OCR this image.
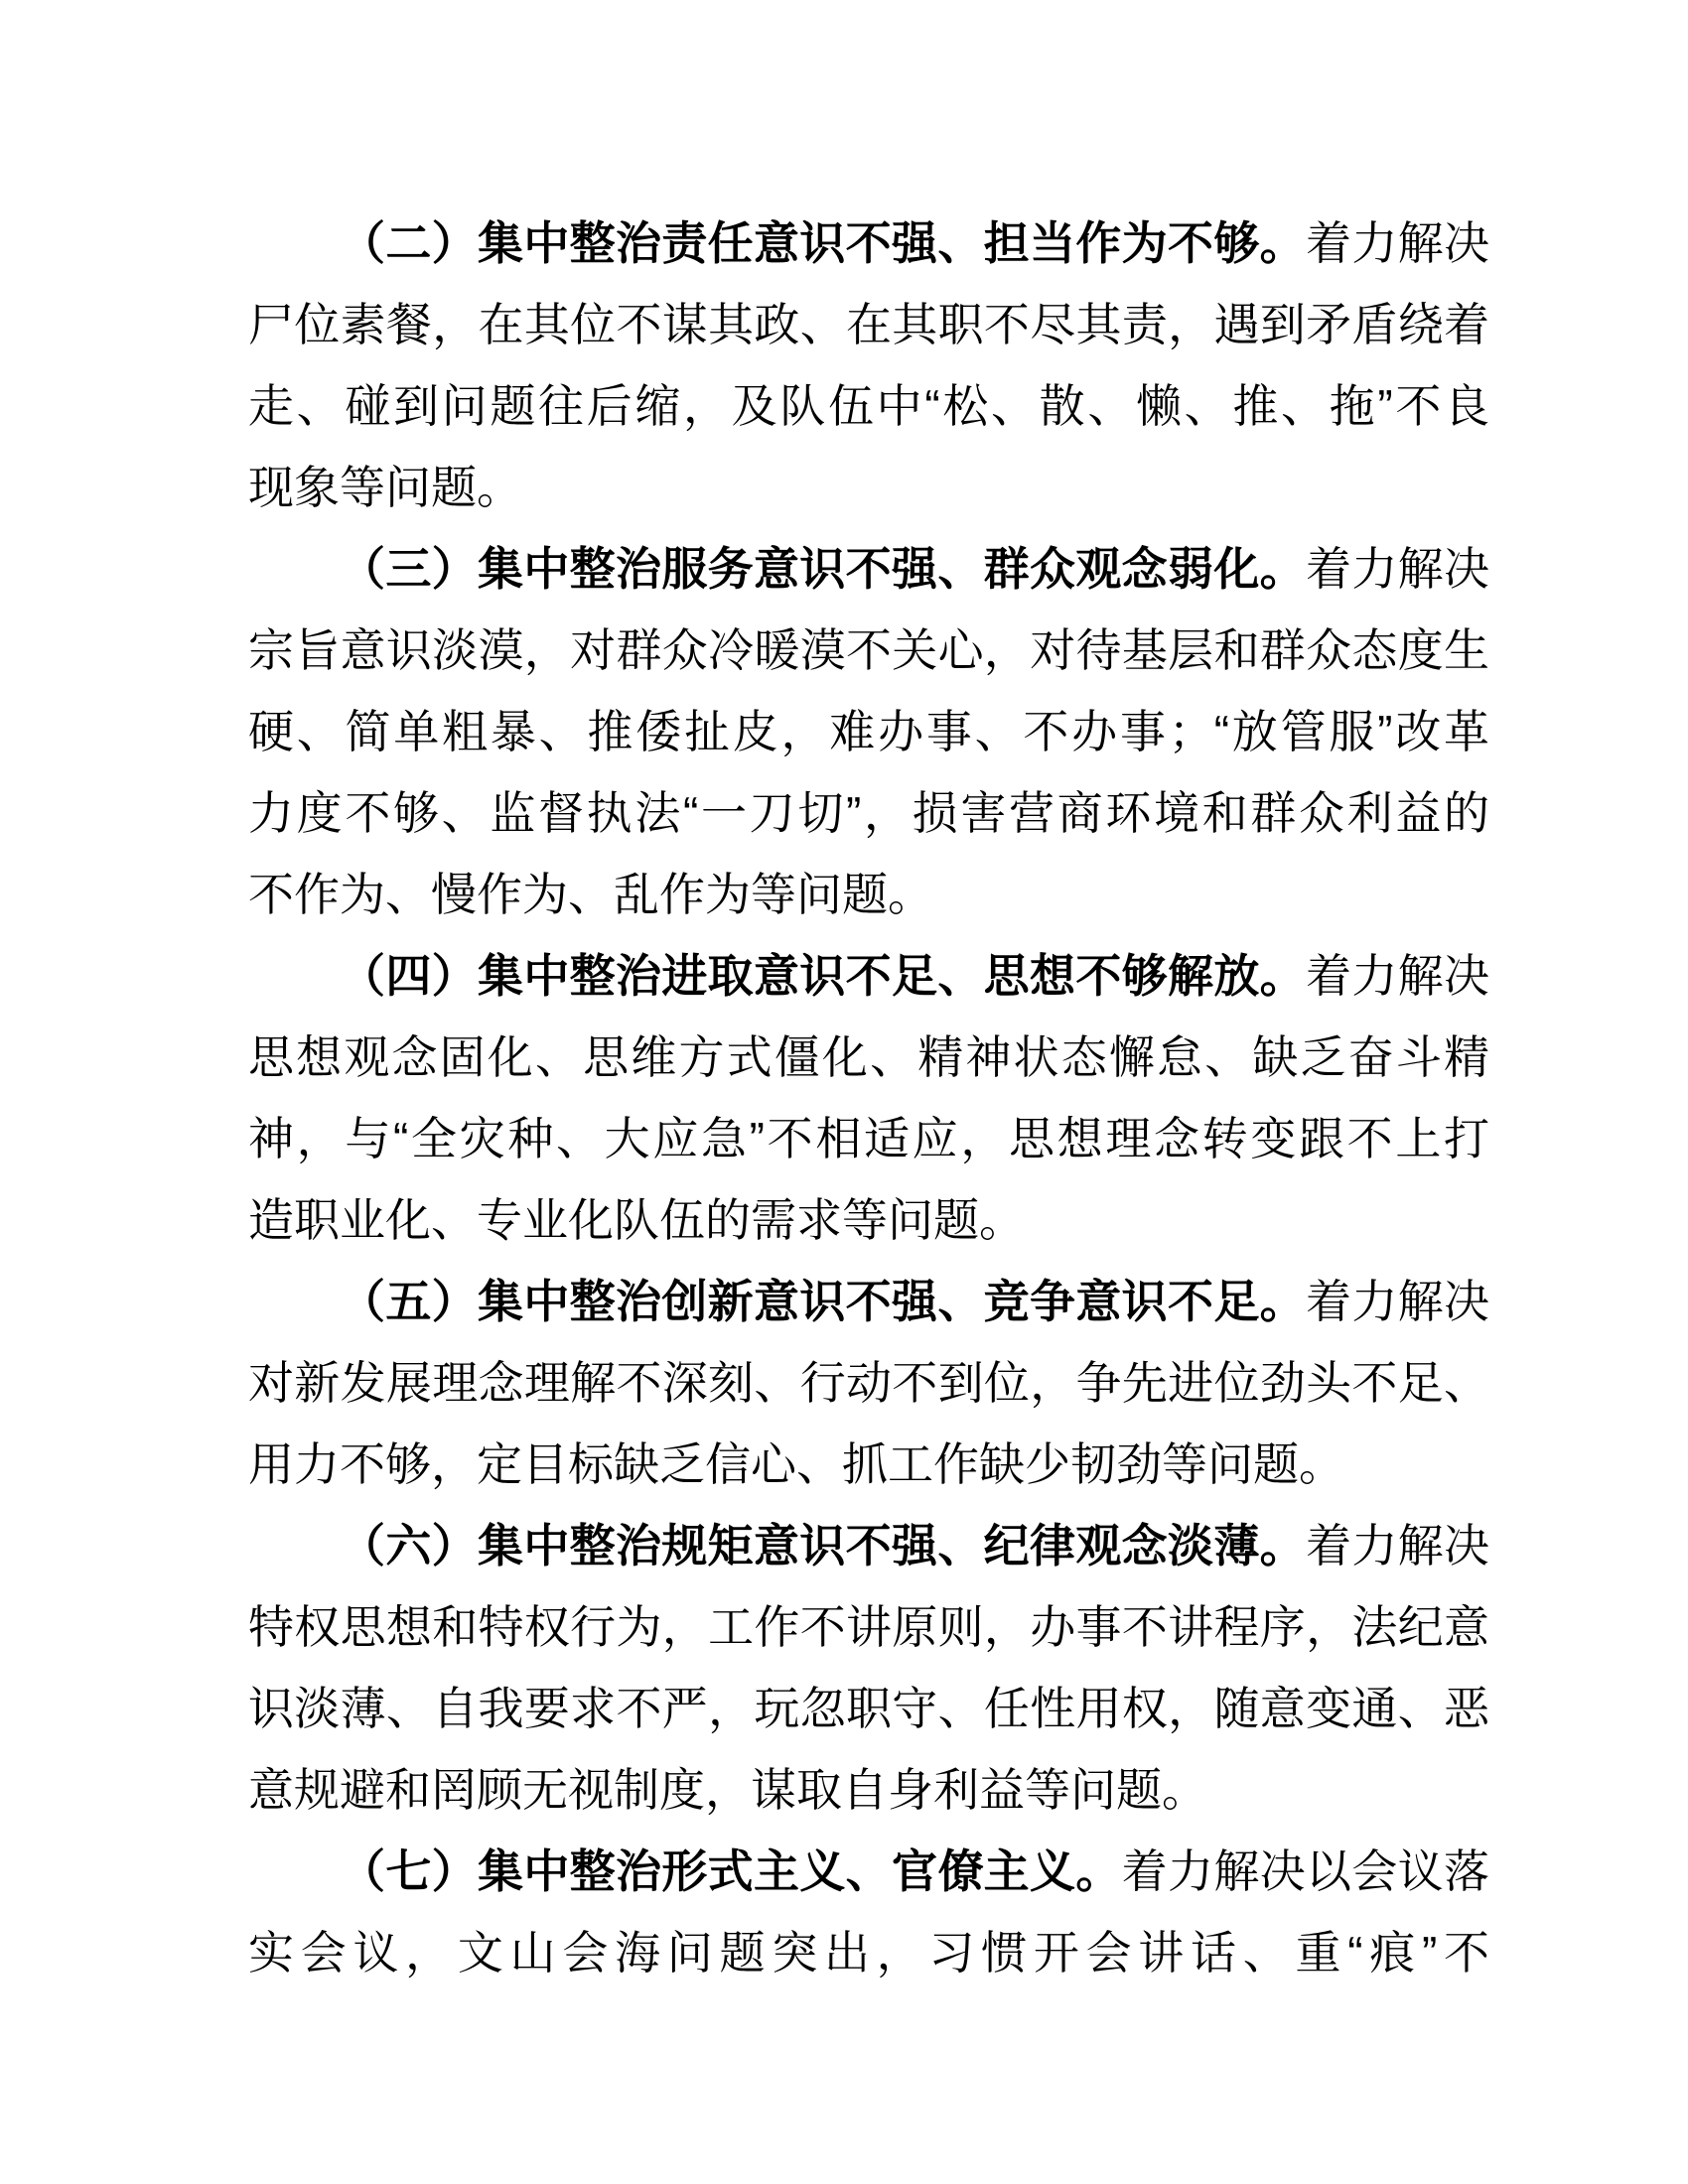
（二）集中整治责任意识不强、担当作为不够。着力解决
尸位素餐，在其位不谋其政、在其职不尽其责，遇到矛盾绕着
走、碰到问题往后缩，及队伍中“松、散、懒、推、拖”不良
现象等问题。
（三）集中整治服务意识不强、群众观念弱化。着力解决
宗旨意识淡漠，对群众冷暖漠不关心，对待基层和群众态度生
硬、简单粗暴、推倭扯皮，难办事、不办事；“放管服”改革
力度不够、监督执法“一刀切”，损害营商环境和群众利益的
不作为、慢作为、乱作为等问题。
（四）集中整治进取意识不足、思想不够解放。着力解决
思想观念固化、思维方式僵化、精神状态懈怠、缺乏奋斗精
神，与“全灾种、大应急”不相适应，思想理念转变跟不上打
造职业化、专业化队伍的需求等问题。
（五）集中整治创新意识不强、竞争意识不足。着力解决
对新发展理念理解不深刻、行动不到位，争先进位劲头不足、
用力不够，定目标缺乏信心、抓工作缺少韧劲等问题。
（六）集中整治规矩意识不强、纪律观念淡薄。着力解决
特权思想和特权行为，工作不讲原则，办事不讲程序，法纪意
识淡薄、自我要求不严，玩忽职守、任性用权，随意变通、恶
意规避和罔顾无视制度，谋取自身利益等问题。
（七）集中整治形式主义、官僚主义。着力解决以会议落
实会议，文山会海问题突出，习惯开会讲话、重“痕”不
